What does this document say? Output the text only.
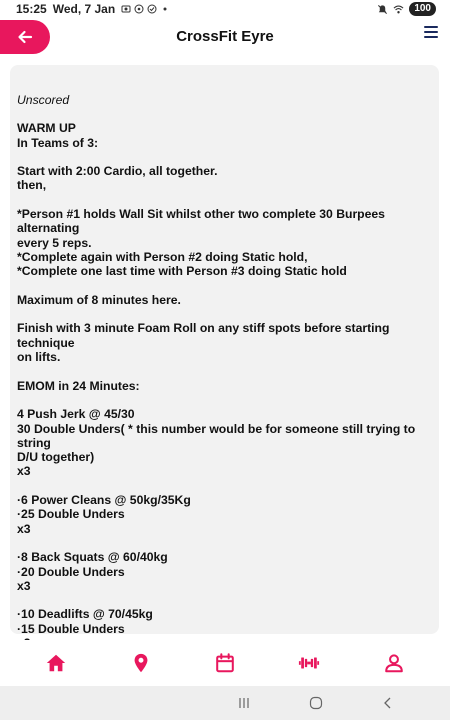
15:25 Wed, 7 Jan	100
CrossFit Eyre

Unscored

WARM UP

In Teams of 3:

Start with 2:00 Cardio, all together.

then,

*Person #1 holds Wall Sit whilst other two complete 30 Burpees alternating

every 5 reps.

*Complete again with Person #2 doing Static hold,

*Complete one last time with Person #3 doing Static hold

Maximum of 8 minutes here.

Finish with 3 minute Foam Roll on any stiff spots before starting technique

on lifts.

EMOM in 24 Minutes:

4 Push Jerk @ 45/30

30 Double Unders( * this number would be for someone still trying to string

D/U together)

x3

·6 Power Cleans @ 50kg/35Kg

·25 Double Unders

x3

·8 Back Squats @ 60/40kg

·20 Double Unders

x3

·10 Deadlifts @ 70/45kg

·15 Double Unders
